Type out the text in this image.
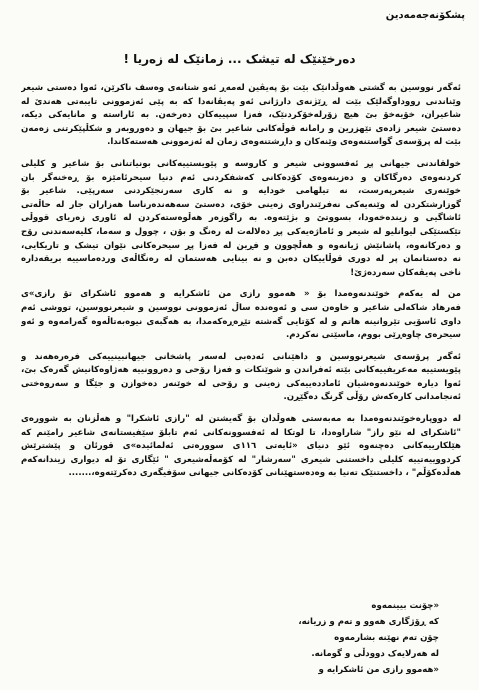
پشکۆنەجەمەدین
دەرخێنێک لە تیشک ... زمانێک لە زەریا !

ئەگەر نووسین بە گشتی هەوڵدانێک بێت بۆ پەیڤین لەمەڕ ئەو شتانەی وەسف ناکرێن، ئەوا دەستی شیعر
وێناندنی رووداوگەلێک بێت لە ڕێژنەی دارژانی ئەو پەیڤانەدا کە بە پێی ئەزموونی تایبەتی هەندێ لە
شاعیران، خۆیەخۆ بێ هیچ زۆرلەخۆکردنێک، فەزا سپییەکان دەرخەن. بە ئاراستە و مانایەکی دیکە،
دەستێ شیعر زادەی تێهزرین و رامانە قوڵەکانی شاعیر بێ بۆ جیهان و دەوروبەر و شکڵپێکرتنی زەمەن
بێت لە پرۆسەی گواستنەوەی وێنەکان و داڕشتنەوەی زمان لە ئەزموونی هەستەکاندا.

خولقاندنی جیهانی پڕ ئەفسوونی شیعر و کاروسە و پێویستییەکانی بونیاتنانی بۆ شاعیر و کلیلی
کردنەوەی دەرگاکان و دەزینەوەی کۆدەکانی کەشفکردنی ئەم دنیا سیحرئامێزە بۆ ڕەخنەگر بان
خوێنەری شیعرپەرست، نە تیلهامی خودایە و نە کاری سەرنجێکردنی سەرپێی. شاعیر بۆ
گوزارشتکردن لە وێنەیەکی نەفرێندراوی زەینی خۆی، دەستێ سەهەندەرناسا هەزاران جار لە حاڵەتی
ئاشاگیی و زیندەخەودا، بسووتێ و بژێتەوە. بە راگوزەر هەڵوەستەکردن لە ئاوری زەریای قووڵی
تێکستێکی لیوانلیو لە شیعر و ئاماژەیەکی پڕ دەلالەت لە رەنگ و بۆن ، چوول و سەما، کلیەسەندنی رۆح
و دەرکانەوە، پاشانێش ژیانەوە و هەڵچوون و فڕین لە فەزا پڕ سیحرەکانی نێوان تیشک و تاریکایی،
نە دەستانمان پر لە دوری قوڵاییکان دەبن و نە بینایی هەستمان لە رەنگاڵەی وردەماسییە بریقەدارە
ناخی پەیڤەکان سەردەژێ!

من لە یەکەم خوێندنەوەمدا بۆ « هەموو رازی من ئاشکرایە و هەموو ئاشکرای تۆ رازی»ی
فەرهاد شاکەلی شاعیر و خاوەن سی و ئەوەندە ساڵ ئەزموونی نووسین و شیعرنووسین، تووشی ئەم
داوی ئاسۆیی تێروانینە هاتم و لە کۆتایی گەشتە تێڕەڕەکەمدا، بە هەگبەی نیوەبەتاڵەوە گەرامەوە و ئەو
سیحرەی چاوەڕێی بووم، ماسێتی نەکردم.

ئەگەر پرۆسەی شیعرنووسین و داهێنانی ئەدەبی لەسەر پاشخانی جیهانبینییەکی فرەرەهەند و
پێویستییە مەعریفییەکانی بێتە ئەفراندن و شوێنکات و فەزا رۆحی و دەروونییە هەژاوەکانیش گەرەک بێ،
ئەوا دیارە خوێندنەوەشیان ئاماددەییەکی زەینی و رۆحی لە خوێنەر دەخوازن و جێگا و سەروەختی
ئەنجامدانی کارەکەش رۆڵی گرنگ دەگێڕن.

لە دووپارەخوێندنەوەمدا بە مەبەستی هەوڵدان بۆ گەیشتن لە "رازی ئاشکرا" و هەڵزنان بە شوورەی
"ئاشکرای لە نێو راز" شاراوەدا، تا لوتکا لە ئەفسوونەکانی ئەم تابلۆ سێفیستانەی شاعیر رامێنم کە
هێلکارییەکانی دەچنەوە ئێو دنیای «ئایەتی ١١٦ی سوورەتی ئەلمائیدە»ی قورئان و پێشترێش
کردووییەتییە کلیلی داخستنی شیعری "سەرشار" لە کۆمەڵەشیعری " ئێگاری تۆ لە دیواری زیندانەکەم
هەڵدەکۆڵم" ، داخستنێک تەنیا بە وەدەستهێنانی کۆدەکانی جیهانی سۆفیگەری دەکرێتەوە،.......

«چۆنت بیینمەوە
کە ڕۆژگاری هەوو و تەم و زریانە،
چۆن تەم نهێنە بشارمەوە
لە هەرلایەک دوودڵی و گومانە.
«هەموو رازی من ئاشکرایە و
